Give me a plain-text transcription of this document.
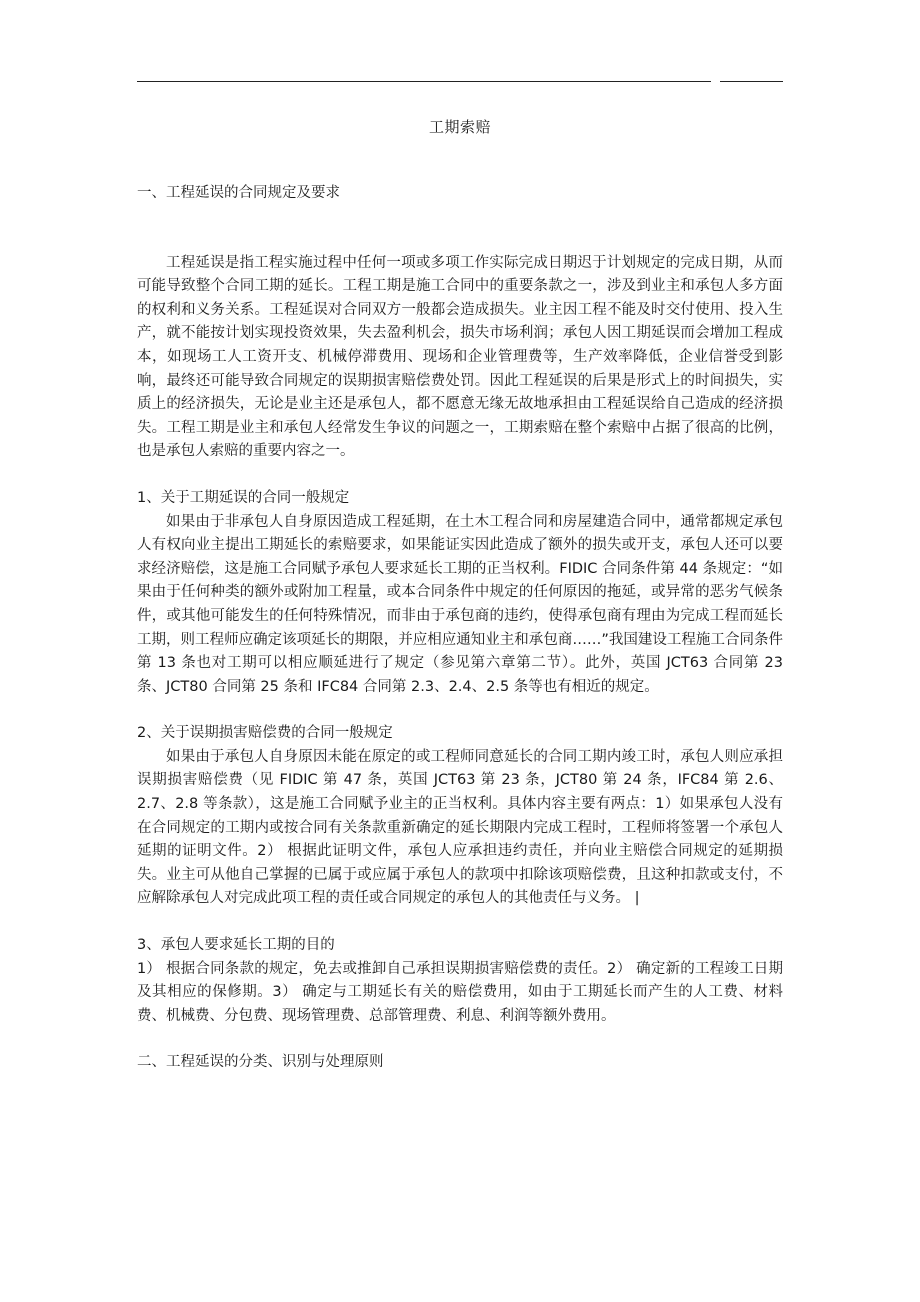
工期索赔

一、工程延误的合同规定及要求

工程延误是指工程实施过程中任何一项或多项工作实际完成日期迟于计划规定的完成日期，从而可能导致整个合同工期的延长。工程工期是施工合同中的重要条款之一，涉及到业主和承包人多方面的权利和义务关系。工程延误对合同双方一般都会造成损失。业主因工程不能及时交付使用、投入生产，就不能按计划实现投资效果，失去盈利机会，损失市场利润；承包人因工期延误而会增加工程成本，如现场工人工资开支、机械停滞费用、现场和企业管理费等，生产效率降低，企业信誉受到影响，最终还可能导致合同规定的误期损害赔偿费处罚。因此工程延误的后果是形式上的时间损失，实质上的经济损失，无论是业主还是承包人，都不愿意无缘无故地承担由工程延误给自己造成的经济损失。工程工期是业主和承包人经常发生争议的问题之一，工期索赔在整个索赔中占据了很高的比例，也是承包人索赔的重要内容之一。

1、关于工期延误的合同一般规定

如果由于非承包人自身原因造成工程延期，在土木工程合同和房屋建造合同中，通常都规定承包人有权向业主提出工期延长的索赔要求，如果能证实因此造成了额外的损失或开支，承包人还可以要求经济赔偿，这是施工合同赋予承包人要求延长工期的正当权利。FIDIC 合同条件第 44 条规定：“如果由于任何种类的额外或附加工程量，或本合同条件中规定的任何原因的拖延，或异常的恶劣气候条件，或其他可能发生的任何特殊情况，而非由于承包商的违约，使得承包商有理由为完成工程而延长工期，则工程师应确定该项延长的期限，并应相应通知业主和承包商……”我国建设工程施工合同条件第 13 条也对工期可以相应顺延进行了规定（参见第六章第二节）。此外，英国 JCT63 合同第 23 条、JCT80 合同第 25 条和 IFC84 合同第 2.3、2.4、2.5 条等也有相近的规定。

2、关于误期损害赔偿费的合同一般规定

如果由于承包人自身原因未能在原定的或工程师同意延长的合同工期内竣工时，承包人则应承担误期损害赔偿费（见 FIDIC 第 47 条，英国 JCT63 第 23 条，JCT80 第 24 条，IFC84 第 2.6、2.7、2.8 等条款），这是施工合同赋予业主的正当权利。具体内容主要有两点：1）如果承包人没有在合同规定的工期内或按合同有关条款重新确定的延长期限内完成工程时，工程师将签署一个承包人延期的证明文件。2） 根据此证明文件，承包人应承担违约责任，并向业主赔偿合同规定的延期损失。业主可从他自己掌握的已属于或应属于承包人的款项中扣除该项赔偿费，且这种扣款或支付，不应解除承包人对完成此项工程的责任或合同规定的承包人的其他责任与义务。 |

3、承包人要求延长工期的目的

1） 根据合同条款的规定，免去或推卸自己承担误期损害赔偿费的责任。2） 确定新的工程竣工日期及其相应的保修期。3） 确定与工期延长有关的赔偿费用，如由于工期延长而产生的人工费、材料费、机械费、分包费、现场管理费、总部管理费、利息、利润等额外费用。

二、工程延误的分类、识别与处理原则
